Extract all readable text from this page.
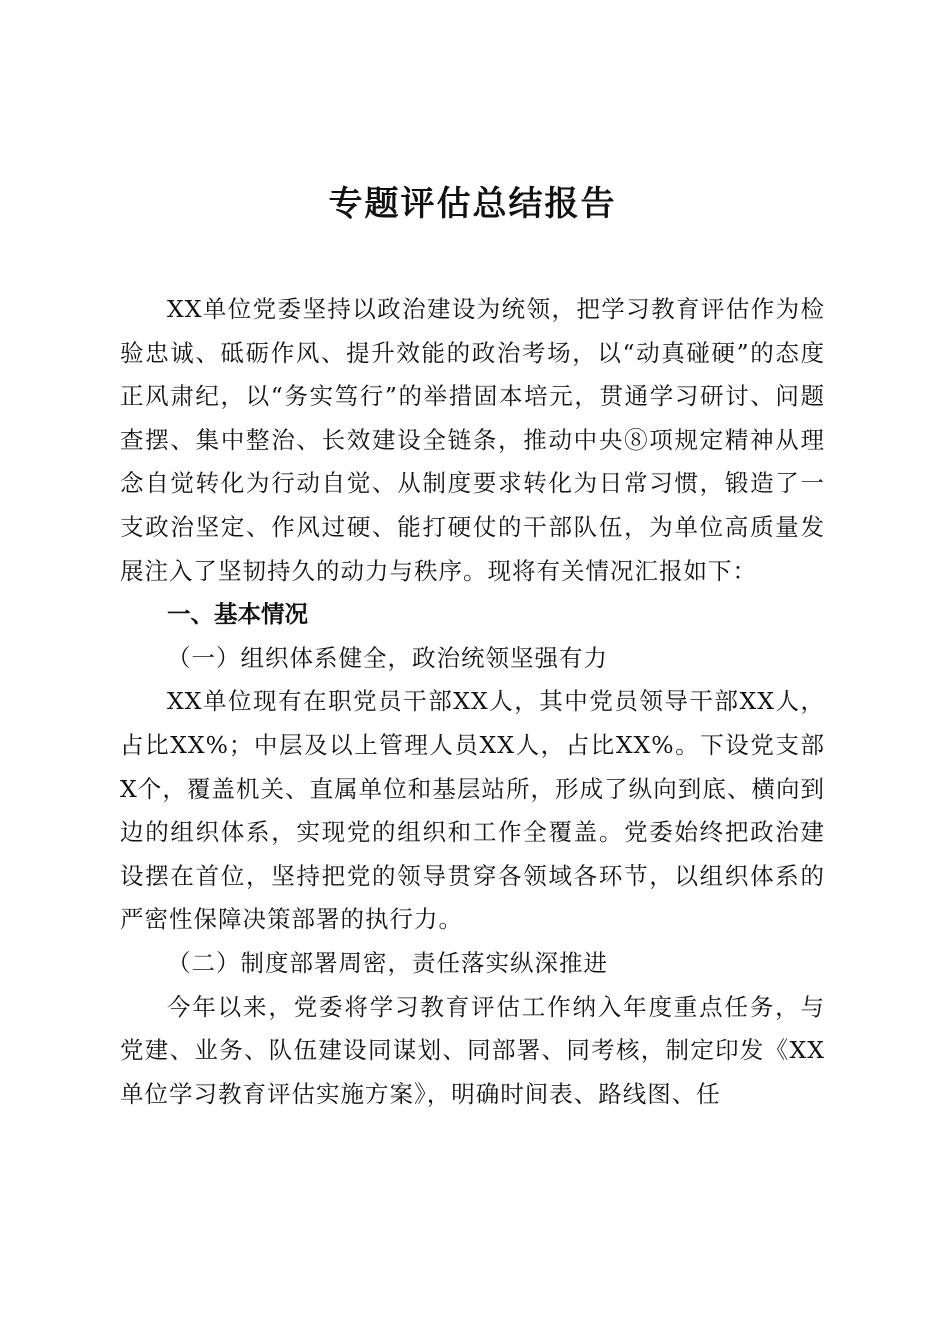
专题评估总结报告

XX单位党委坚持以政治建设为统领，把学习教育评估作为检验忠诚、砥砺作风、提升效能的政治考场，以“动真碰硬”的态度正风肃纪，以“务实笃行”的举措固本培元，贯通学习研讨、问题查摆、集中整治、长效建设全链条，推动中央⑧项规定精神从理念自觉转化为行动自觉、从制度要求转化为日常习惯，锻造了一支政治坚定、作风过硬、能打硬仗的干部队伍，为单位高质量发展注入了坚韧持久的动力与秩序。现将有关情况汇报如下：

一、基本情况

（一）组织体系健全，政治统领坚强有力

XX单位现有在职党员干部XX人，其中党员领导干部XX人，占比XX%；中层及以上管理人员XX人，占比XX%。下设党支部X个，覆盖机关、直属单位和基层站所，形成了纵向到底、横向到边的组织体系，实现党的组织和工作全覆盖。党委始终把政治建设摆在首位，坚持把党的领导贯穿各领域各环节，以组织体系的严密性保障决策部署的执行力。

（二）制度部署周密，责任落实纵深推进

今年以来，党委将学习教育评估工作纳入年度重点任务，与党建、业务、队伍建设同谋划、同部署、同考核，制定印发《XX单位学习教育评估实施方案》，明确时间表、路线图、任
